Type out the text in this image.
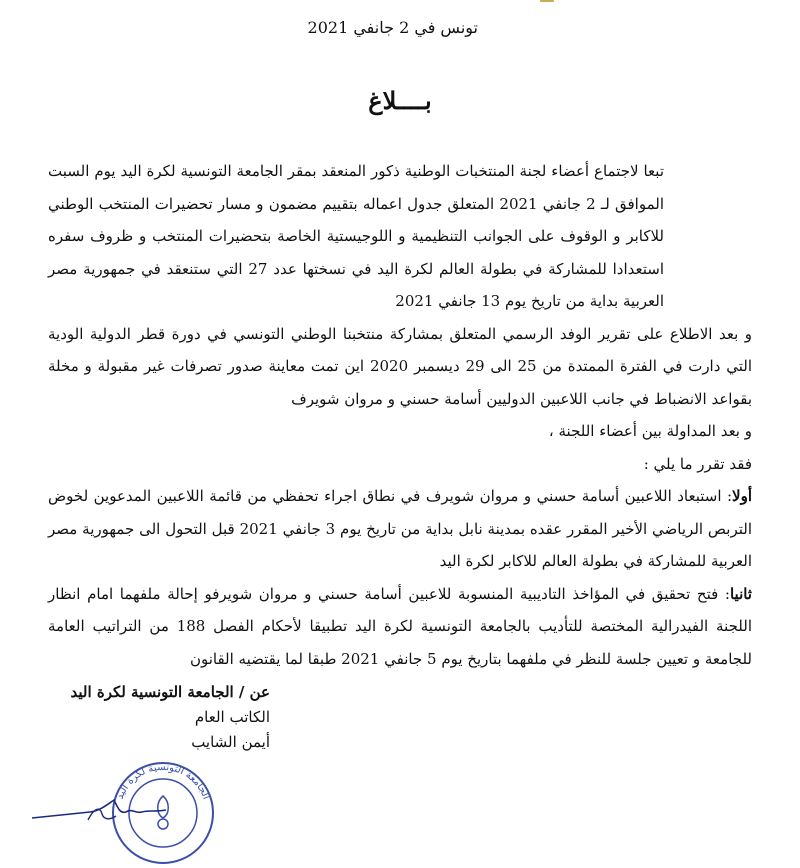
تونس في 2 جانفي 2021
بــــلاغ

تبعا لاجتماع أعضاء لجنة المنتخبات الوطنية ذكور المنعقد بمقر الجامعة التونسية لكرة اليد يوم السبت الموافق لـ 2 جانفي 2021 المتعلق جدول اعماله بتقييم مضمون و مسار تحضيرات المنتخب الوطني للاكابر و الوقوف على الجوانب التنظيمية و اللوجيستية الخاصة بتحضيرات المنتخب و ظروف سفره استعدادا للمشاركة في بطولة العالم لكرة اليد في نسختها عدد 27 التي ستنعقد في جمهورية مصر العربية بداية من تاريخ يوم 13 جانفي 2021

و بعد الاطلاع على تقرير الوفد الرسمي المتعلق بمشاركة منتخبنا الوطني التونسي في دورة قطر الدولية الودية التي دارت في الفترة الممتدة من 25 الى 29 ديسمبر 2020 اين تمت معاينة صدور تصرفات غير مقبولة و مخلة بقواعد الانضباط في جانب اللاعبين الدوليين أسامة حسني و مروان شويرف

و بعد المداولة بين أعضاء اللجنة ،

فقد تقرر ما يلي :

أولا: استبعاد اللاعبين أسامة حسني و مروان شويرف في نطاق اجراء تحفظي من قائمة اللاعبين المدعوين لخوض التربص الرياضي الأخير المقرر عقده بمدينة نابل بداية من تاريخ يوم 3 جانفي 2021 قبل التحول الى جمهورية مصر العربية للمشاركة في بطولة العالم للاكابر لكرة اليد

ثانيا: فتح تحقيق في المؤاخذ التاديبية المنسوبة للاعبين أسامة حسني و مروان شويرفو إحالة ملفهما امام انظار اللجنة الفيدرالية المختصة للتأديب بالجامعة التونسية لكرة اليد تطبيقا لأحكام الفصل 188 من التراتيب العامة للجامعة و تعيين جلسة للنظر في ملفهما بتاريخ يوم 5 جانفي 2021 طبقا لما يقتضيه القانون

عن / الجامعة التونسية لكرة اليد
الكاتب العام
أيمن الشايب
الجامعة التونسية لكرة اليد
